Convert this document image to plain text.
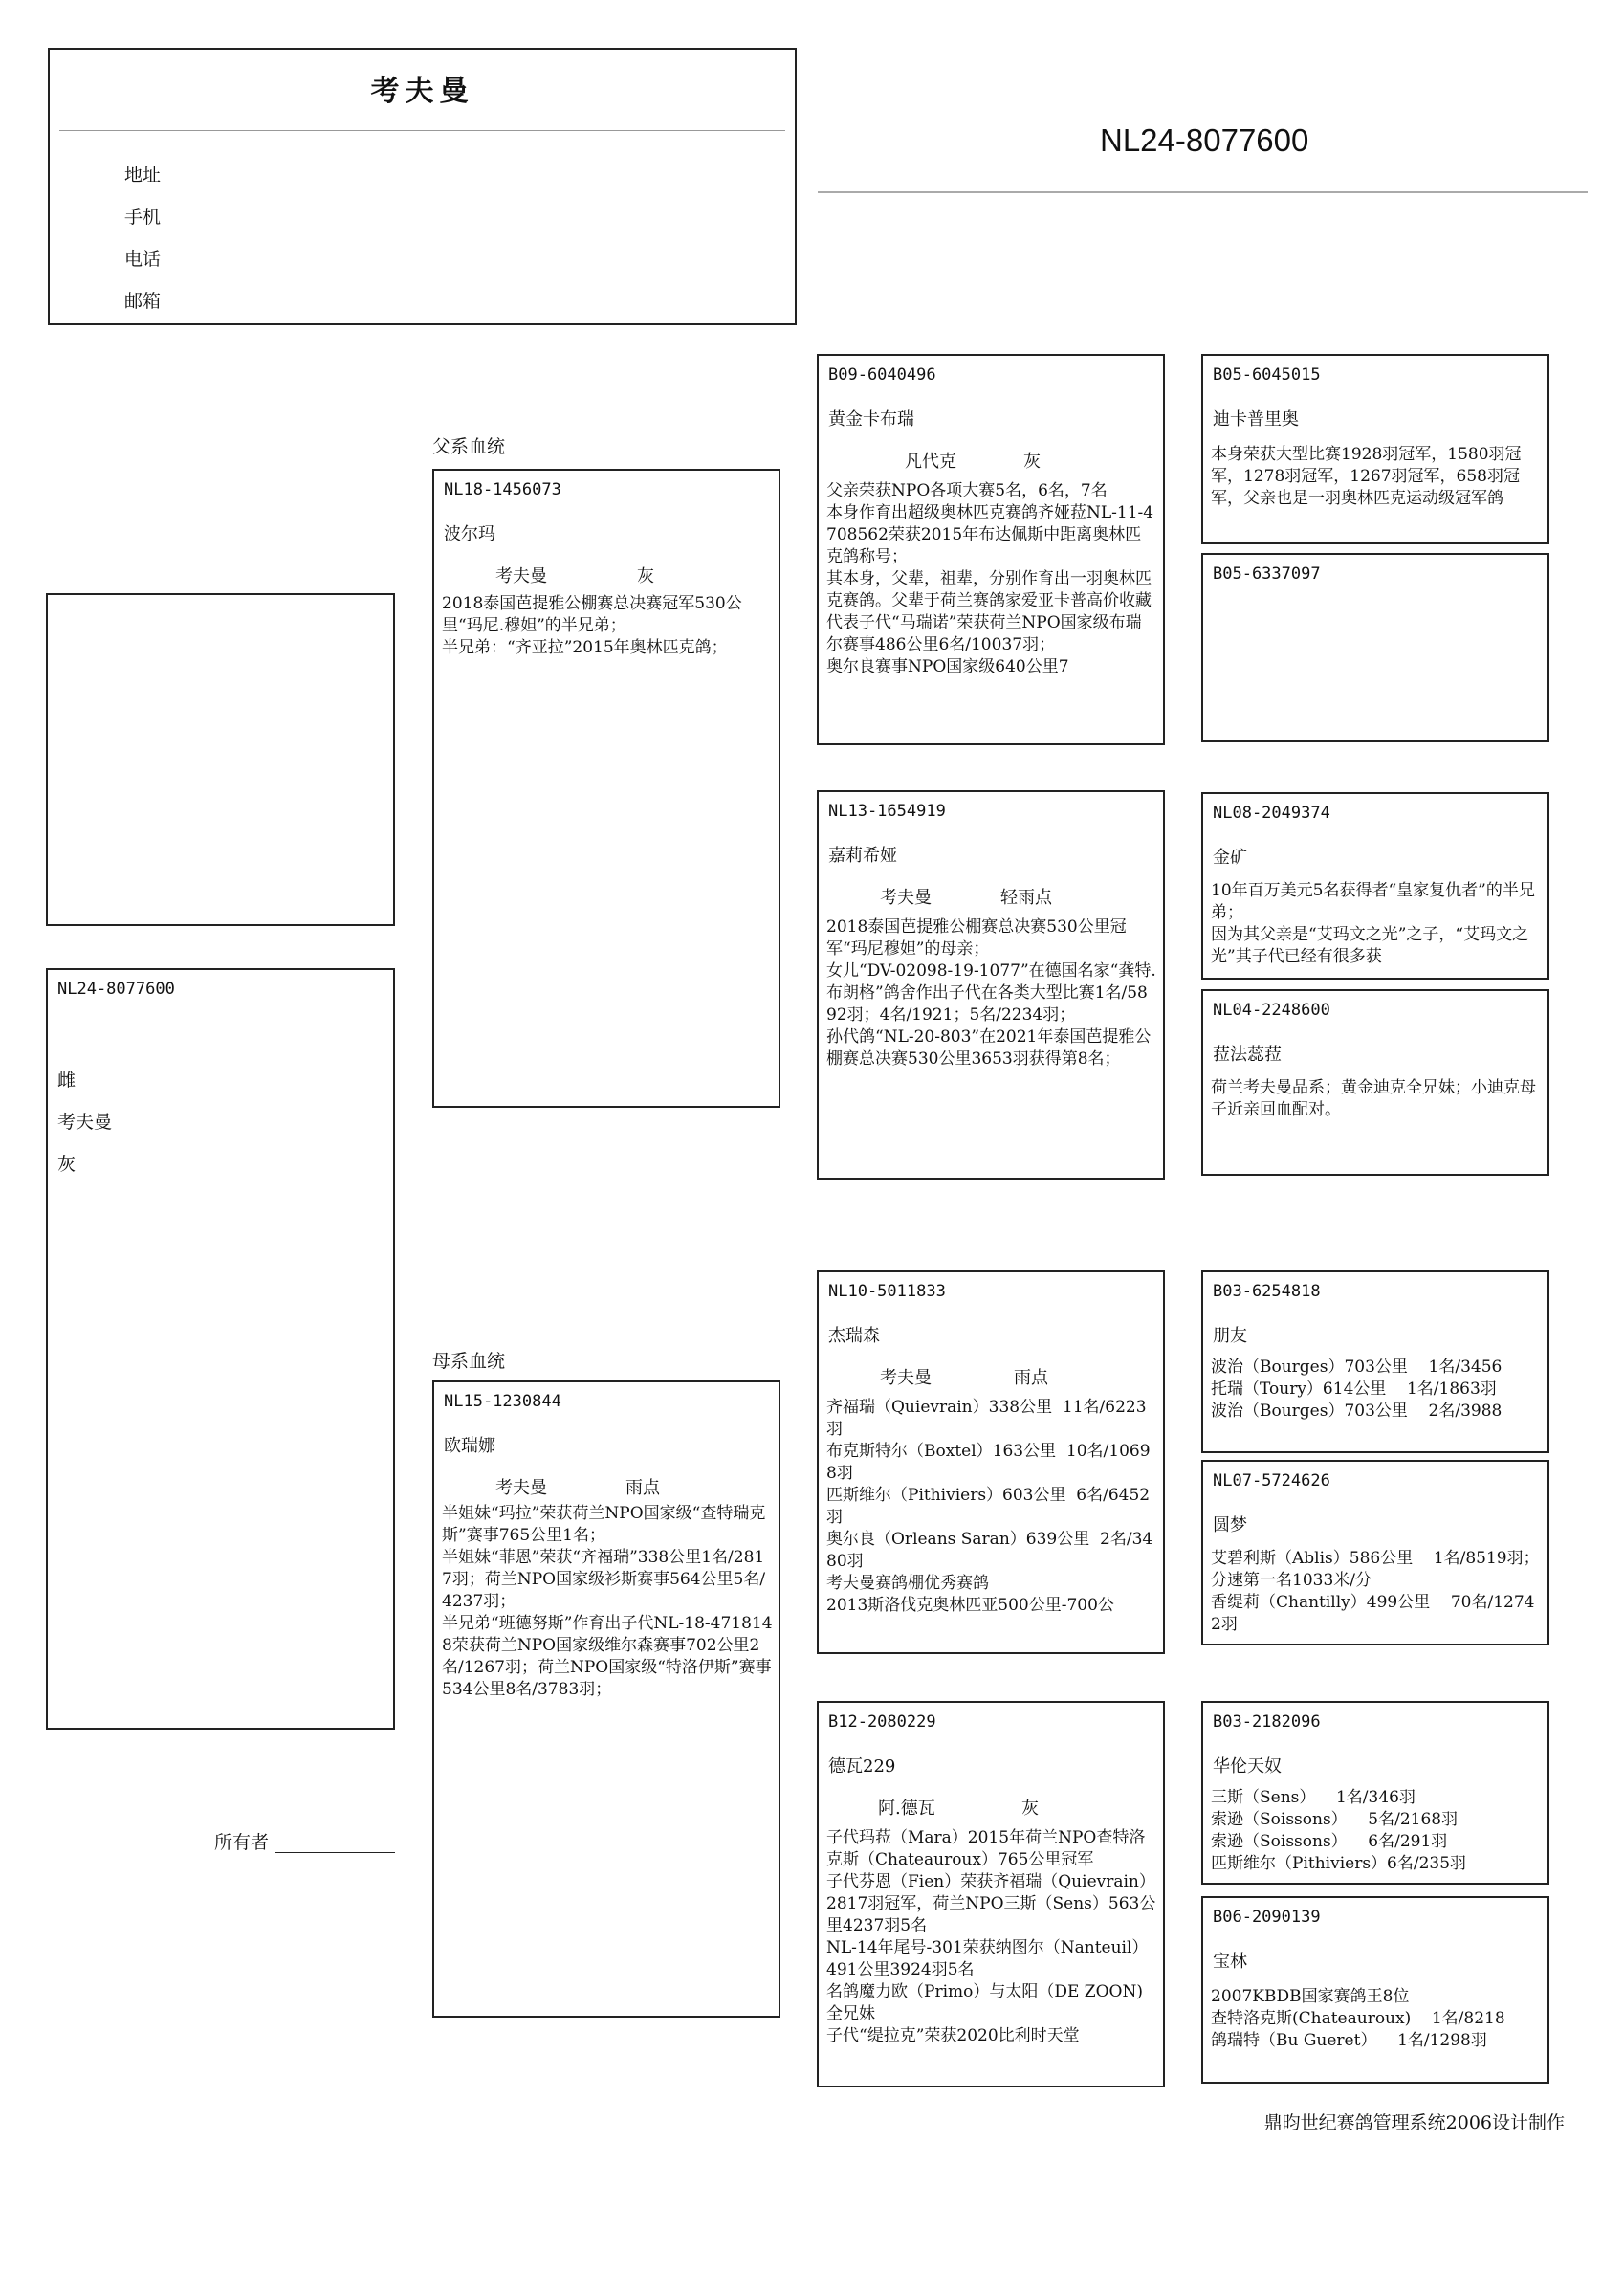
考夫曼
地址
手机
电话
邮箱
NL24-8077600
NL24-8077600
雌
考夫曼
灰
所有者
父系血统
母系血统
NL18-1456073
波尔玛
考夫曼	灰
2018泰国芭提雅公棚赛总决赛冠军530公里“玛尼.穆妲”的半兄弟；
半兄弟：“齐亚拉”2015年奥林匹克鸽；
NL15-1230844
欧瑞娜
考夫曼	雨点
半姐妹“玛拉”荣获荷兰NPO国家级“查特瑞克斯”赛事765公里1名；
半姐妹“菲恩”荣获“齐福瑞”338公里1名/2817羽；荷兰NPO国家级衫斯赛事564公里5名/4237羽；
半兄弟“班德努斯”作育出子代NL-18-4718148荣获荷兰NPO国家级维尔森赛事702公里2名/1267羽；荷兰NPO国家级“特洛伊斯”赛事534公里8名/3783羽；
B09-6040496
黄金卡布瑞
凡代克	灰
父亲荣获NPO各项大赛5名，6名，7名
本身作育出超级奥林匹克赛鸽齐娅菈NL-11-4708562荣获2015年布达佩斯中距离奥林匹克鸽称号；
其本身，父辈，祖辈，分别作育出一羽奥林匹克赛鸽。父辈于荷兰赛鸽家爱亚卡普高价收藏
代表子代“马瑞诺”荣获荷兰NPO国家级布瑞尔赛事486公里6名/10037羽；
奥尔良赛事NPO国家级640公里7
NL13-1654919
嘉莉希娅
考夫曼	轻雨点
2018泰国芭提雅公棚赛总决赛530公里冠军“玛尼穆妲”的母亲；
女儿“DV-02098-19-1077”在德国名家“龚特.布朗格”鸽舍作出子代在各类大型比赛1名/5892羽；4名/1921；5名/2234羽；
孙代鸽“NL-20-803”在2021年泰国芭提雅公棚赛总决赛530公里3653羽获得第8名；
NL10-5011833
杰瑞森
考夫曼	雨点
齐福瑞（Quievrain）338公里  11名/6223羽
布克斯特尔（Boxtel）163公里  10名/10698羽
匹斯维尔（Pithiviers）603公里  6名/6452羽
奥尔良（Orleans Saran）639公里  2名/3480羽
考夫曼赛鸽棚优秀赛鸽
2013斯洛伐克奥林匹亚500公里-700公
B12-2080229
德瓦229
阿.德瓦	灰
子代玛菈（Mara）2015年荷兰NPO查特洛克斯（Chateauroux）765公里冠军
子代芬恩（Fien）荣获齐福瑞（Quievrain）2817羽冠军，荷兰NPO三斯（Sens）563公里4237羽5名
NL-14年尾号-301荣获纳图尔（Nanteuil）491公里3924羽5名
名鸽魔力欧（Primo）与太阳（DE ZOON)全兄妹
子代“缇拉克”荣获2020比利时天堂
B05-6045015
迪卡普里奥
本身荣获大型比赛1928羽冠军，1580羽冠军，1278羽冠军，1267羽冠军，658羽冠军，父亲也是一羽奥林匹克运动级冠军鸽
B05-6337097
NL08-2049374
金矿
10年百万美元5名获得者“皇家复仇者”的半兄弟；
因为其父亲是“艾玛文之光”之子，“艾玛文之光”其子代已经有很多获
NL04-2248600
菈法蕊菈
荷兰考夫曼品系；黄金迪克全兄妹；小迪克母子近亲回血配对。
B03-6254818
朋友
波治（Bourges）703公里    1名/3456
托瑞（Toury）614公里    1名/1863羽
波治（Bourges）703公里    2名/3988
NL07-5724626
圆梦
艾碧利斯（Ablis）586公里    1名/8519羽；分速第一名1033米/分
香缇莉（Chantilly）499公里    70名/12742羽
B03-2182096
华伦天奴
三斯（Sens）    1名/346羽
索逊（Soissons）    5名/2168羽
索逊（Soissons）    6名/291羽
匹斯维尔（Pithiviers）6名/235羽
B06-2090139
宝林
2007KBDB国家赛鸽王8位
查特洛克斯(Chateauroux)    1名/8218
鸽瑞特（Bu Gueret）    1名/1298羽
鼎昀世纪赛鸽管理系统2006设计制作
